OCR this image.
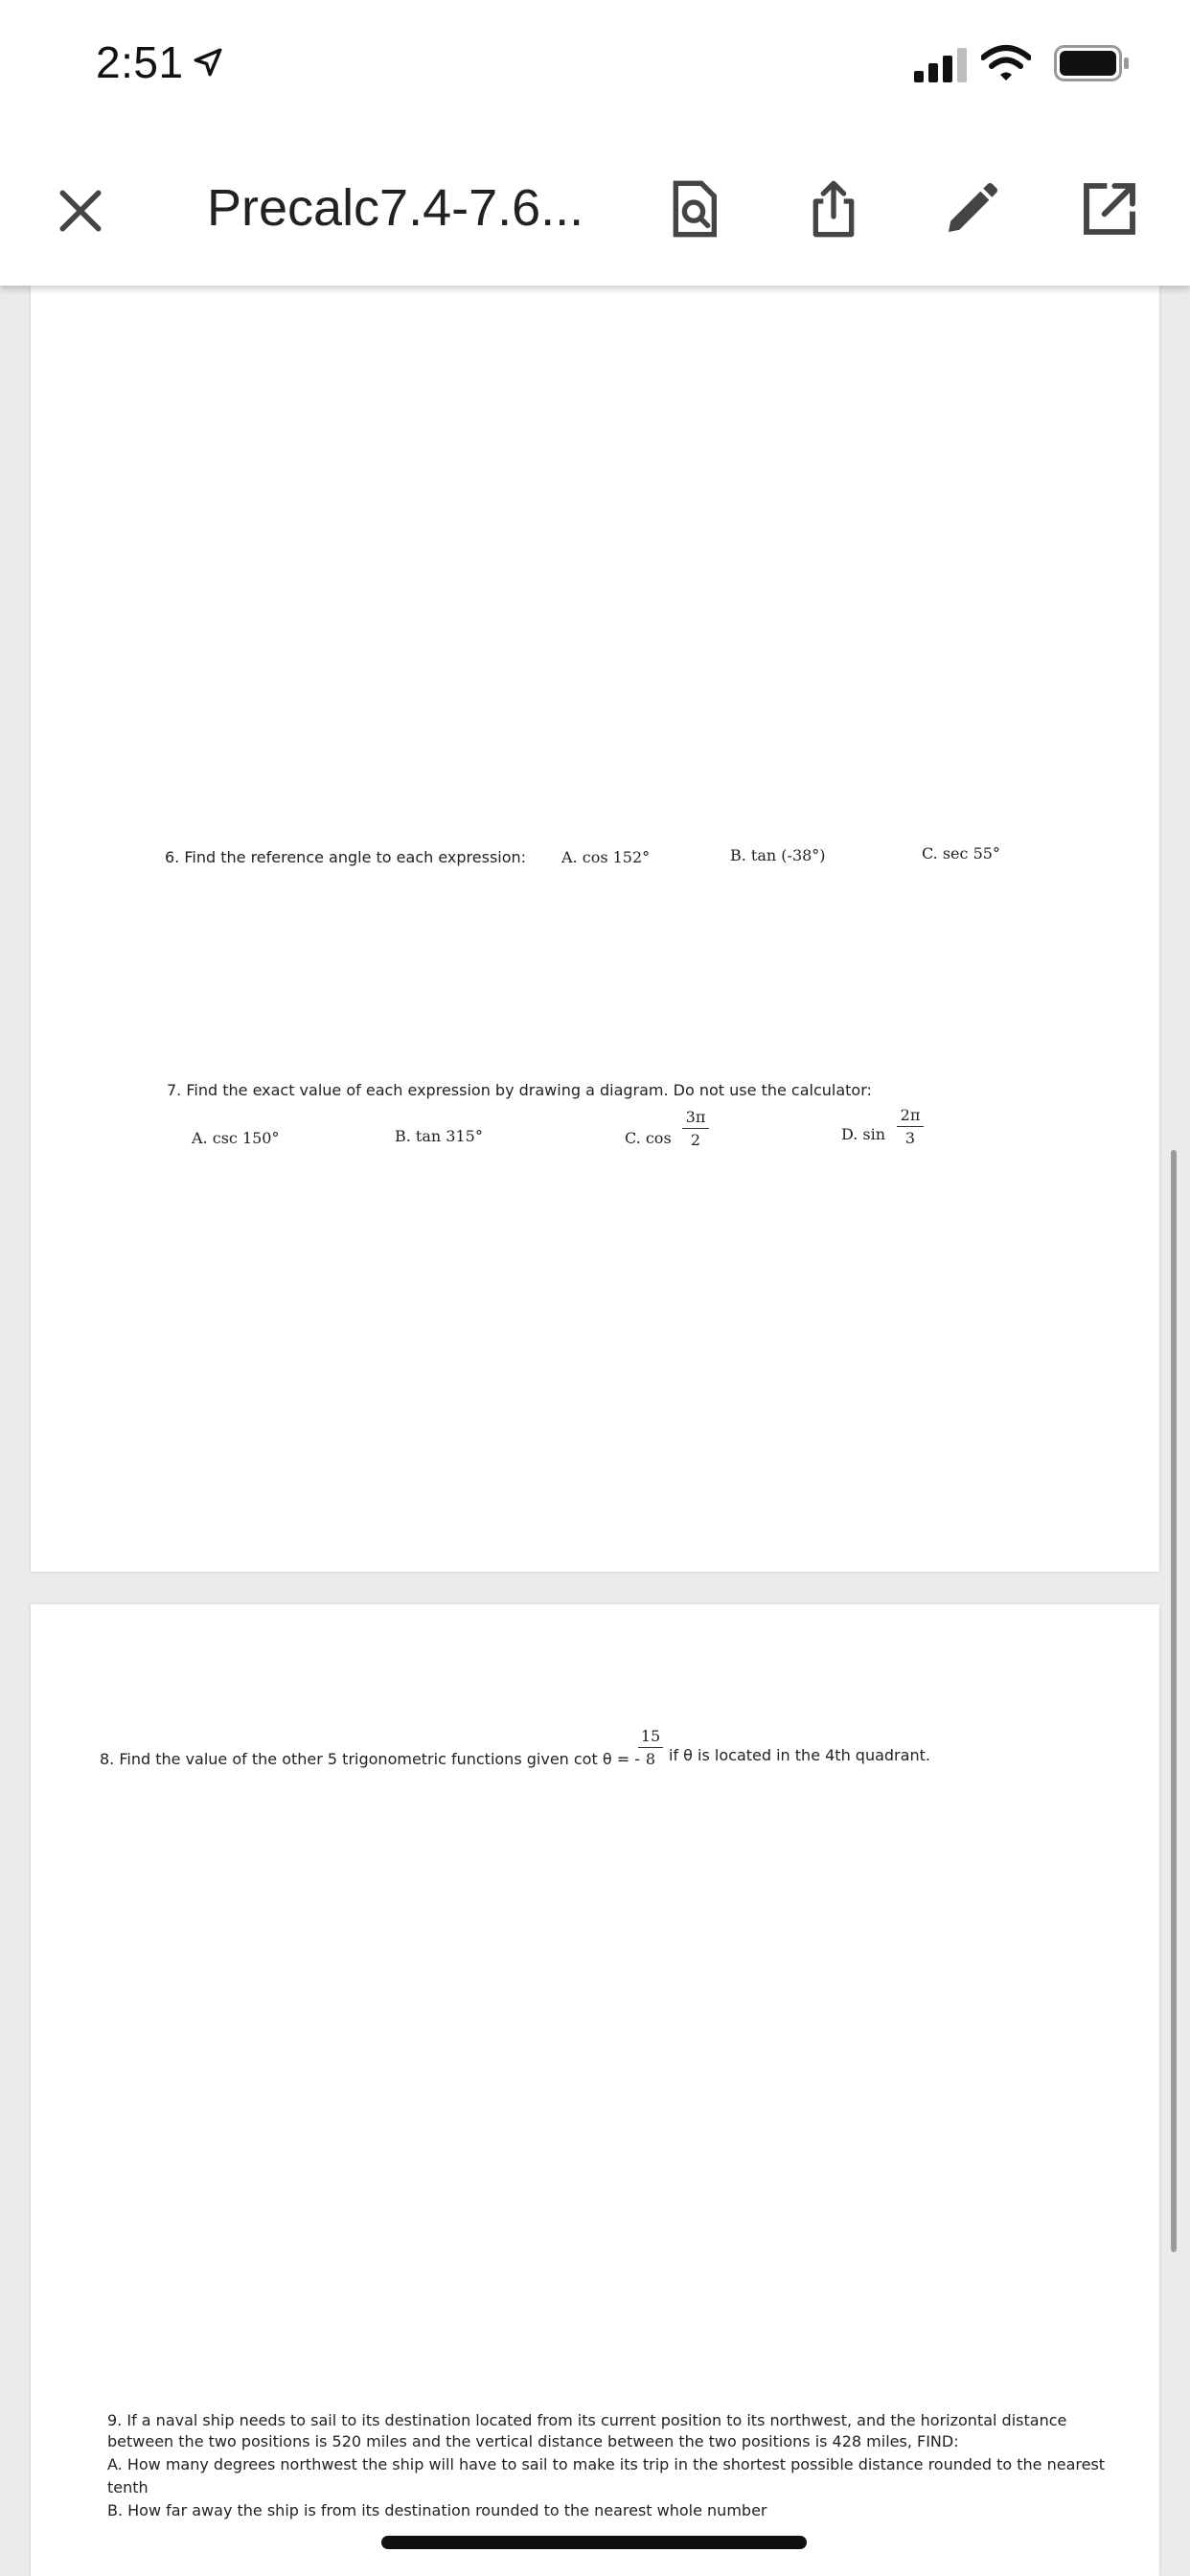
2:51
Precalc7.4-7.6...
6. Find the reference angle to each expression: A. cos 152°	B. tan (-38°)	C. sec 55°
7. Find the exact value of each expression by drawing a diagram. Do not use the calculator:
A. csc 150°	B. tan 315°	C. cos
3π
2	D. sin
2π
3
8. Find the value of the other 5 trigonometric functions given cot θ = -
15
8 if θ is located in the 4th quadrant.
9. If a naval ship needs to sail to its destination located from its current position to its northwest, and the horizontal distance
between the two positions is 520 miles and the vertical distance between the two positions is 428 miles, FIND:
A. How many degrees northwest the ship will have to sail to make its trip in the shortest possible distance rounded to the nearest
tenth
B. How far away the ship is from its destination rounded to the nearest whole number
